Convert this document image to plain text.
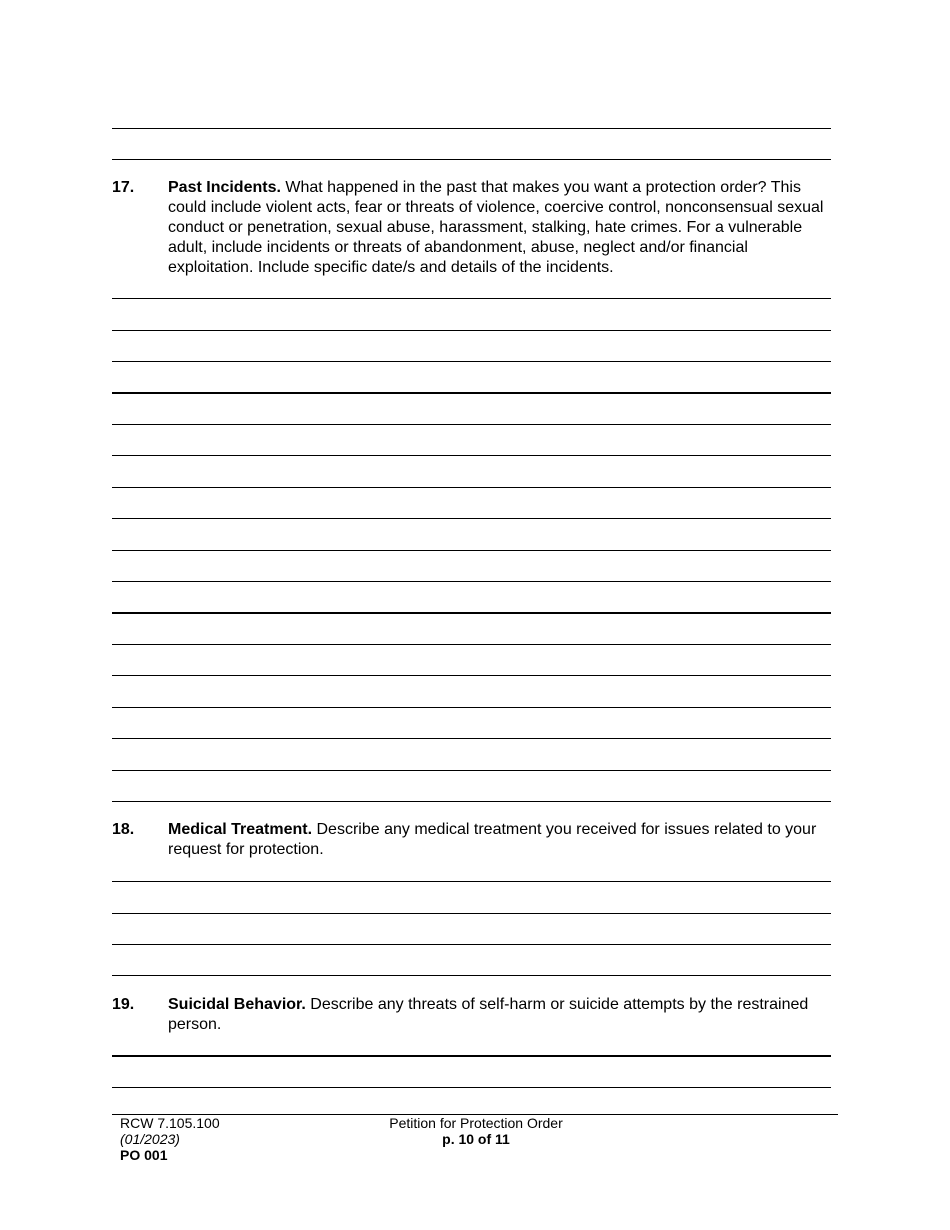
17. Past Incidents. What happened in the past that makes you want a protection order? This could include violent acts, fear or threats of violence, coercive control, nonconsensual sexual conduct or penetration, sexual abuse, harassment, stalking, hate crimes. For a vulnerable adult, include incidents or threats of abandonment, abuse, neglect and/or financial exploitation. Include specific date/s and details of the incidents.
18. Medical Treatment. Describe any medical treatment you received for issues related to your request for protection.
19. Suicidal Behavior. Describe any threats of self-harm or suicide attempts by the restrained person.
RCW 7.105.100
(01/2023)
PO 001
Petition for Protection Order
p. 10 of 11
